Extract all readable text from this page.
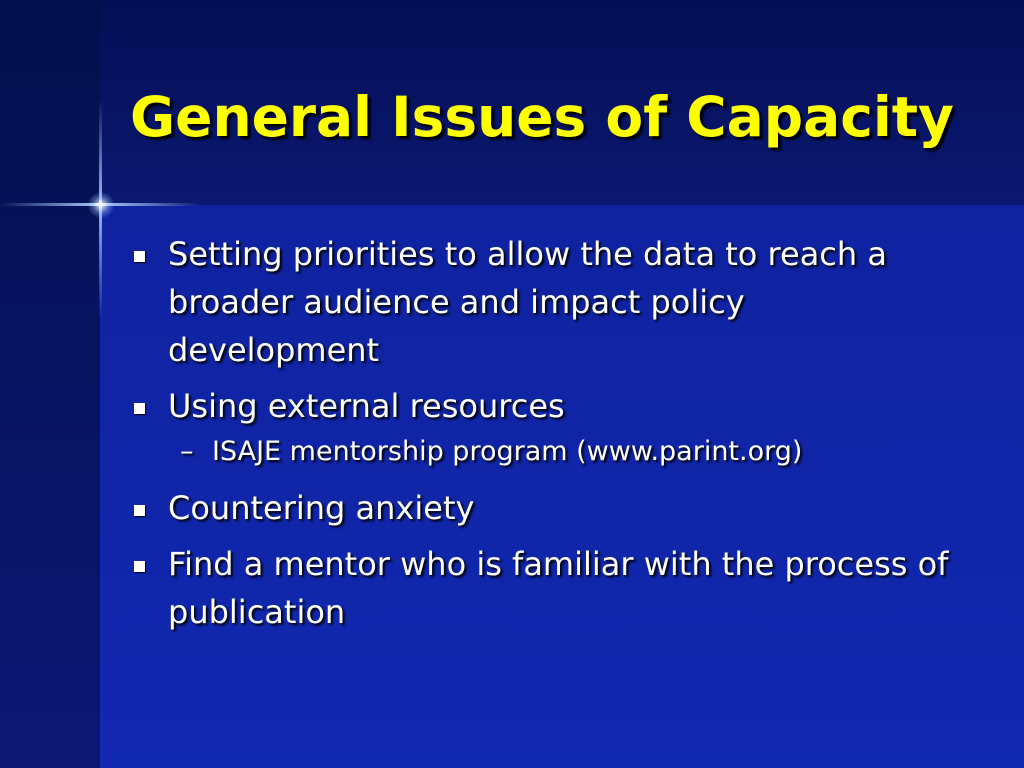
General Issues of Capacity
Setting priorities to allow the data to reach a broader audience and impact policy development
Using external resources
– ISAJE mentorship program (www.parint.org)
Countering anxiety
Find a mentor who is familiar with the process of publication
